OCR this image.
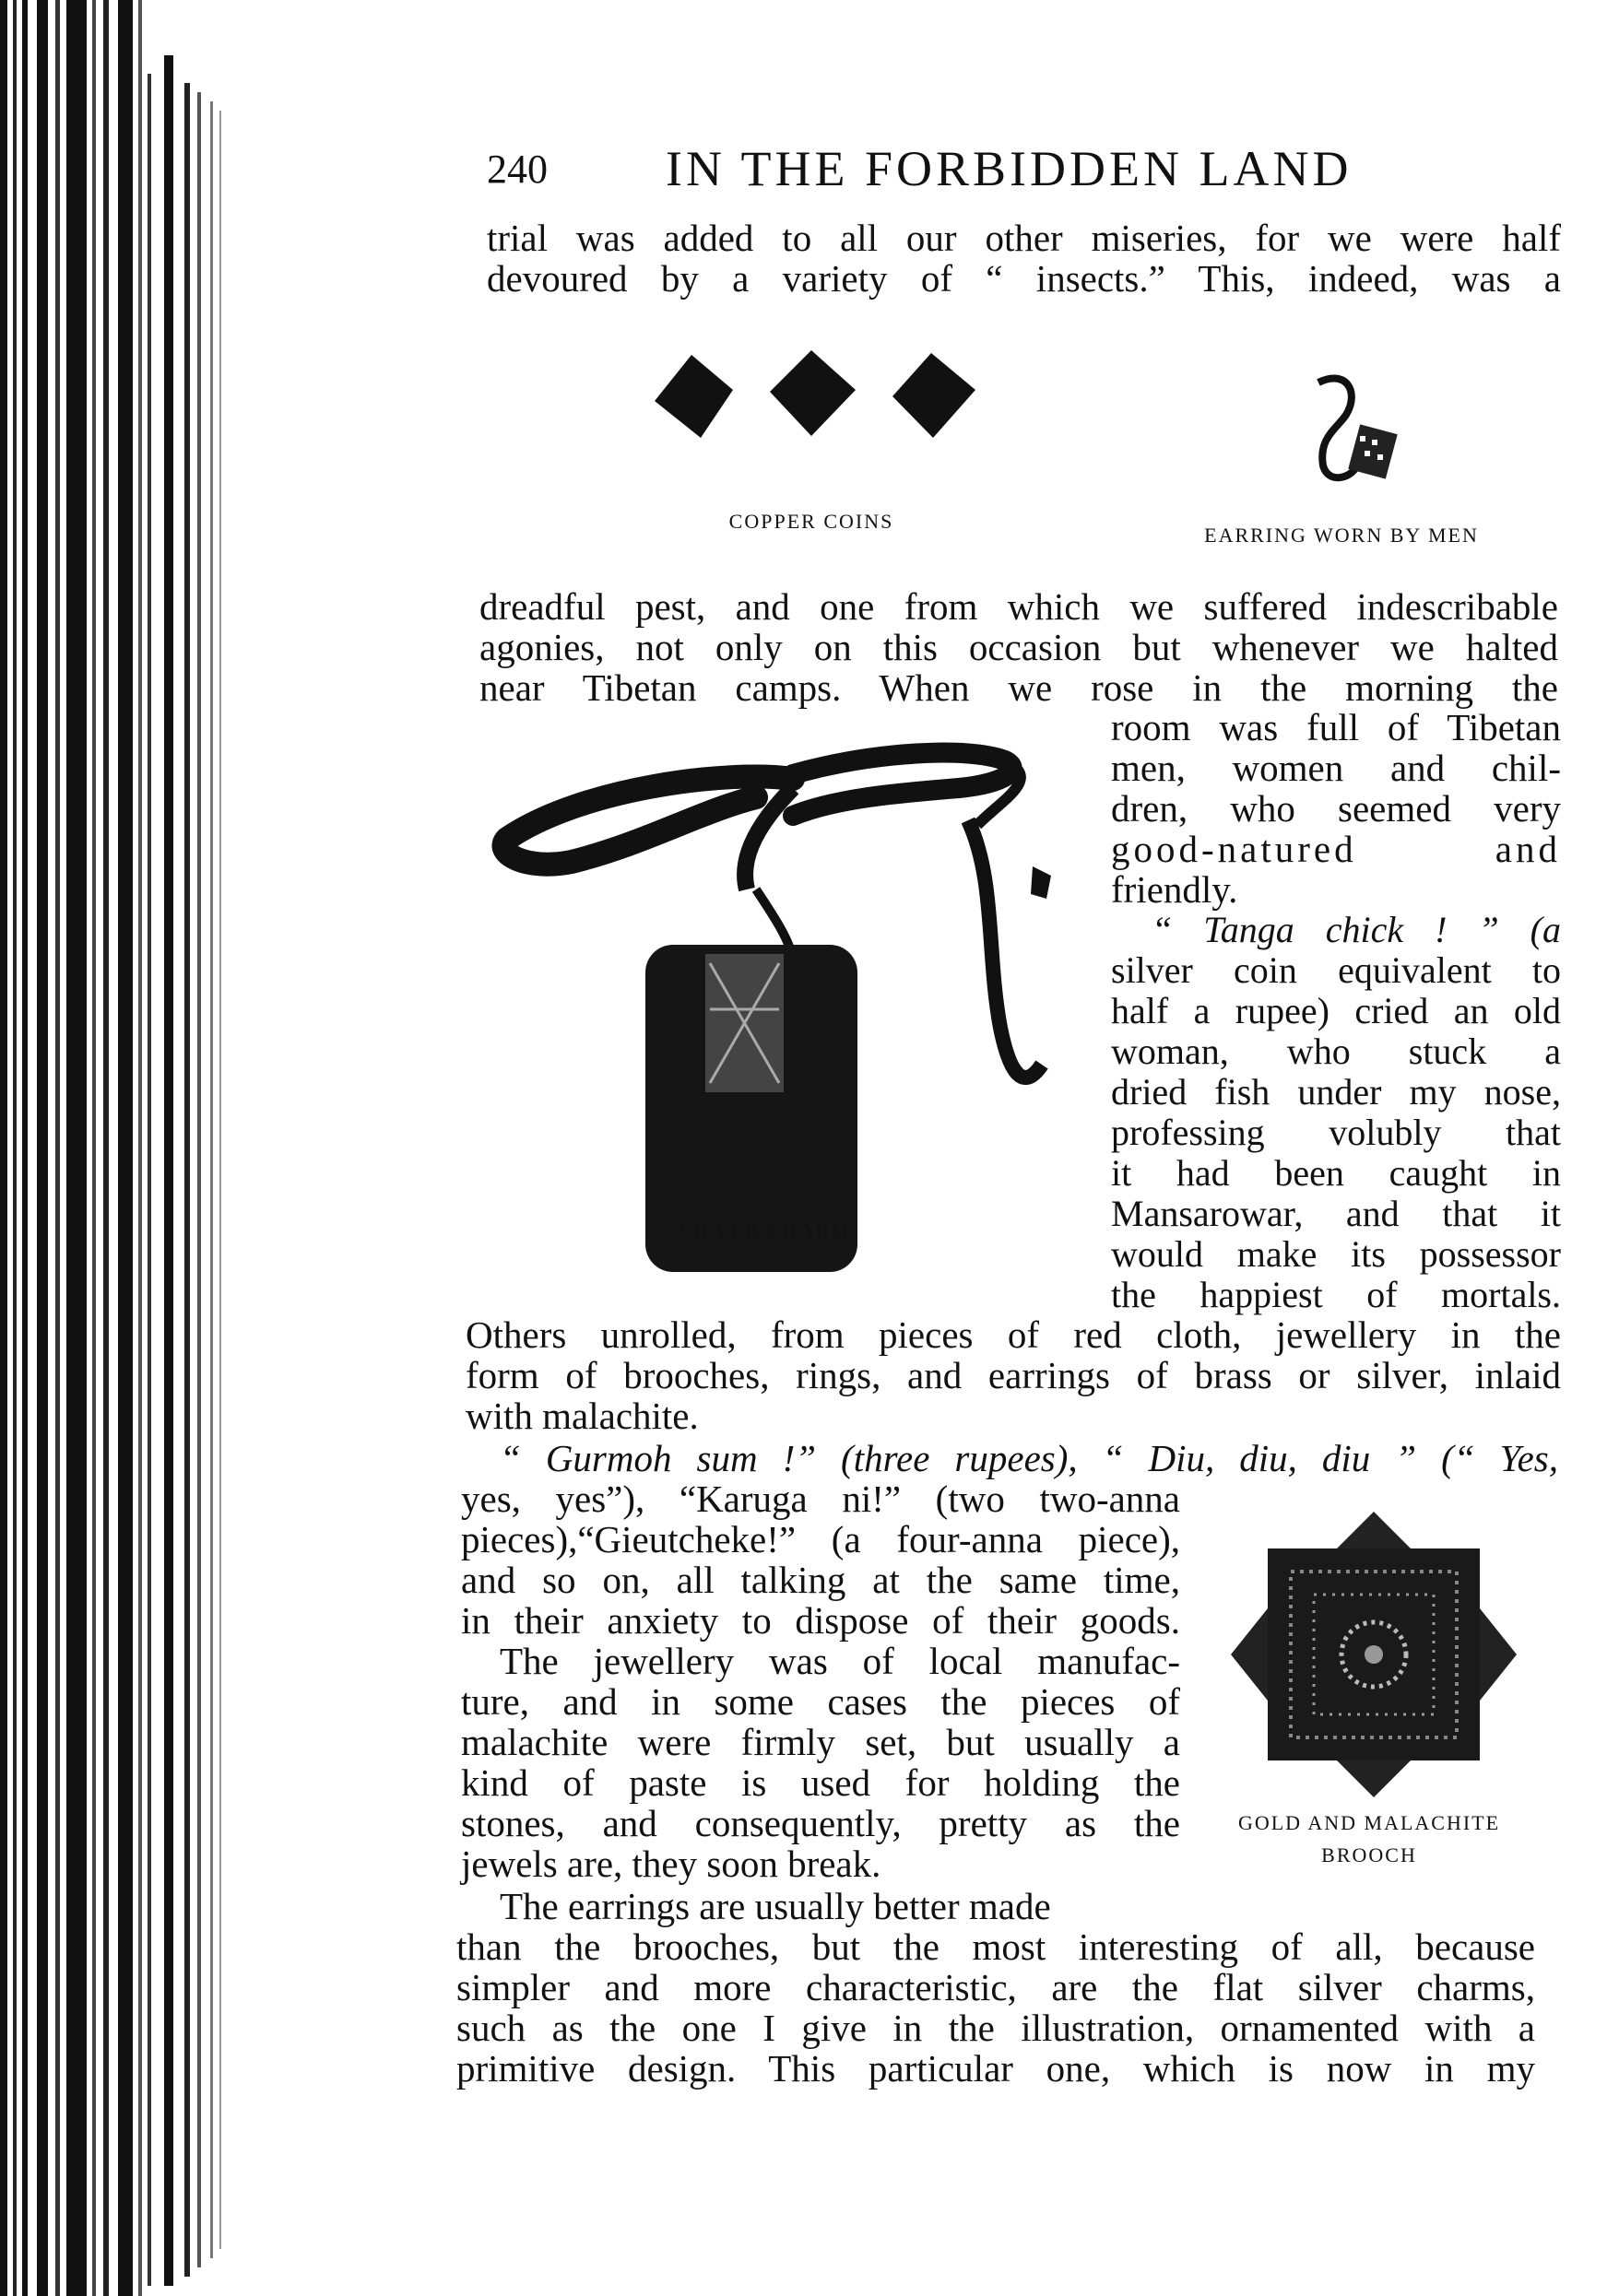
240 IN THE FORBIDDEN LAND
trial was added to all our other miseries, for we were half
devoured by a variety of “ insects.” This, indeed, was a
COPPER COINS
EARRING WORN BY MEN
dreadful pest, and one from which we suffered indescribable
agonies, not only on this occasion but whenever we halted
near Tibetan camps. When we rose in the morning the
SILVER CHARM
room was full of Tibetan
men, women and chil-
dren, who seemed very
good-natured and
friendly.
“ Tanga chick ! ” (a
silver coin equivalent to
half a rupee) cried an old
woman, who stuck a
dried fish under my nose,
professing volubly that
it had been caught in
Mansarowar, and that it
would make its possessor
the happiest of mortals.
Others unrolled, from pieces of red cloth, jewellery in the
form of brooches, rings, and earrings of brass or silver, inlaid
with malachite.
“ Gurmoh sum !” (three rupees), “ Diu, diu, diu ” (“ Yes,
yes, yes”), “Karuga ni!” (two two-anna
pieces),“Gieutcheke!” (a four-anna piece),
and so on, all talking at the same time,
in their anxiety to dispose of their goods.
The jewellery was of local manufac-
ture, and in some cases the pieces of
malachite were firmly set, but usually a
kind of paste is used for holding the
stones, and consequently, pretty as the
jewels are, they soon break.
GOLD AND MALACHITE
BROOCH
The earrings are usually better made
than the brooches, but the most interesting of all, because
simpler and more characteristic, are the flat silver charms,
such as the one I give in the illustration, ornamented with a
primitive design. This particular one, which is now in my
